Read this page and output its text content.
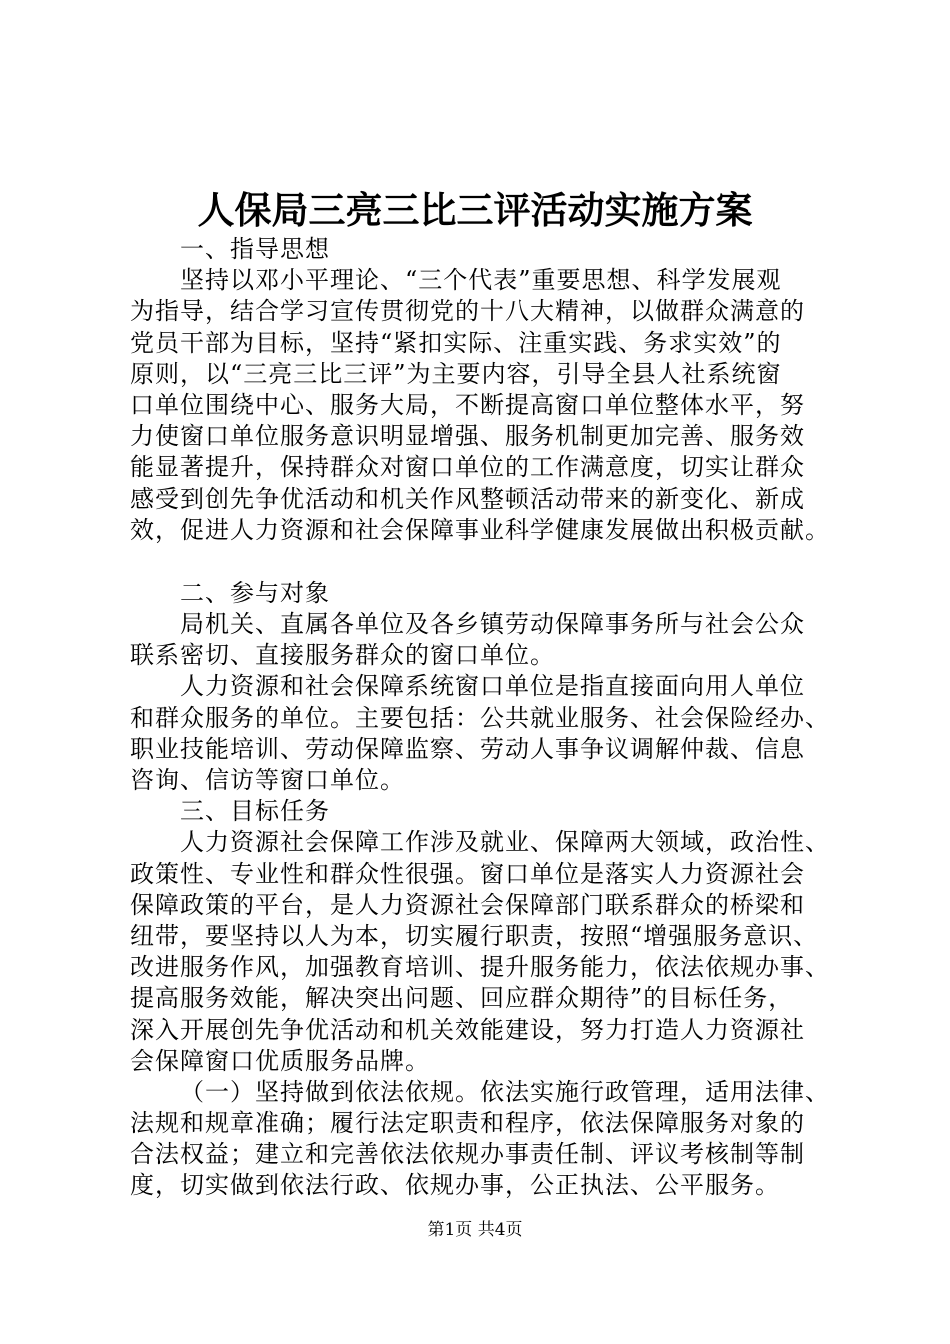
人保局三亮三比三评活动实施方案
一、指导思想
坚持以邓小平理论、“三个代表”重要思想、科学发展观
为指导，结合学习宣传贯彻党的十八大精神，以做群众满意的
党员干部为目标，坚持“紧扣实际、注重实践、务求实效”的
原则，以“三亮三比三评”为主要内容，引导全县人社系统窗
口单位围绕中心、服务大局，不断提高窗口单位整体水平，努
力使窗口单位服务意识明显增强、服务机制更加完善、服务效
能显著提升，保持群众对窗口单位的工作满意度，切实让群众
感受到创先争优活动和机关作风整顿活动带来的新变化、新成
效，促进人力资源和社会保障事业科学健康发展做出积极贡献。
二、参与对象
局机关、直属各单位及各乡镇劳动保障事务所与社会公众
联系密切、直接服务群众的窗口单位。
人力资源和社会保障系统窗口单位是指直接面向用人单位
和群众服务的单位。主要包括：公共就业服务、社会保险经办、
职业技能培训、劳动保障监察、劳动人事争议调解仲裁、信息
咨询、信访等窗口单位。
三、目标任务
人力资源社会保障工作涉及就业、保障两大领域，政治性、
政策性、专业性和群众性很强。窗口单位是落实人力资源社会
保障政策的平台，是人力资源社会保障部门联系群众的桥梁和
纽带，要坚持以人为本，切实履行职责，按照“增强服务意识、
改进服务作风，加强教育培训、提升服务能力，依法依规办事、
提高服务效能，解决突出问题、回应群众期待”的目标任务，
深入开展创先争优活动和机关效能建设，努力打造人力资源社
会保障窗口优质服务品牌。
（一）坚持做到依法依规。依法实施行政管理，适用法律、
法规和规章准确；履行法定职责和程序，依法保障服务对象的
合法权益；建立和完善依法依规办事责任制、评议考核制等制
度，切实做到依法行政、依规办事，公正执法、公平服务。
第1页 共4页
